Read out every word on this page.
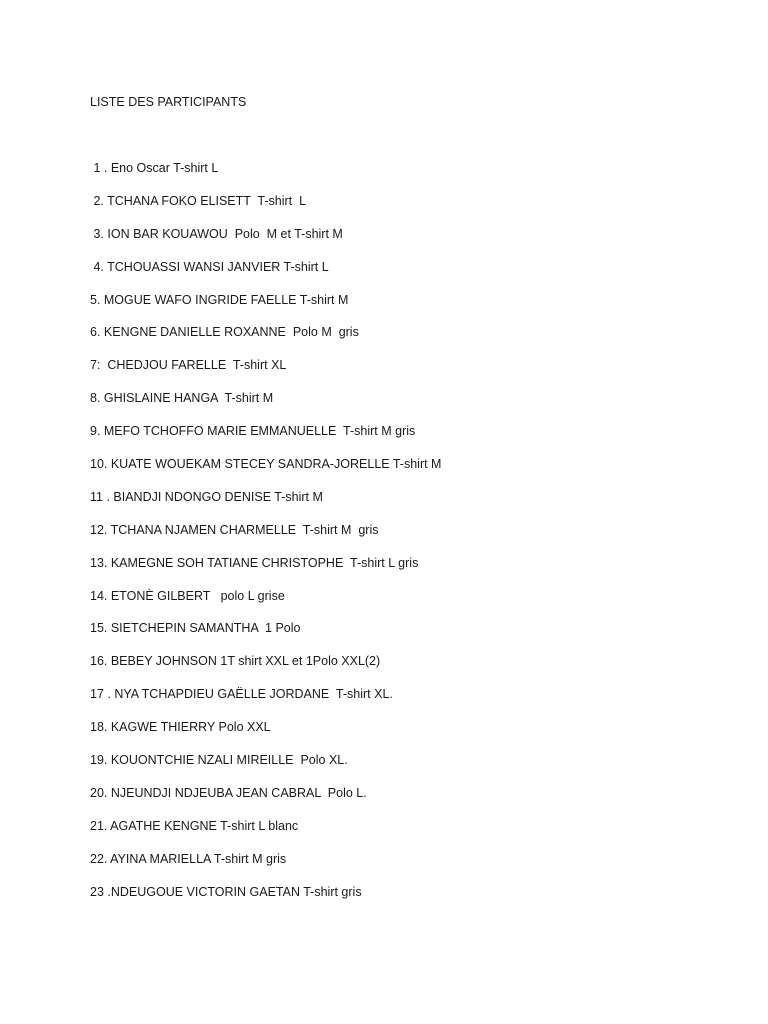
LISTE DES PARTICIPANTS
1 . Eno Oscar T-shirt L
2. TCHANA FOKO ELISETT  T-shirt  L
3. ION BAR KOUAWOU  Polo  M et T-shirt M
4. TCHOUASSI WANSI JANVIER T-shirt L
5. MOGUE WAFO INGRIDE FAELLE T-shirt M
6. KENGNE DANIELLE ROXANNE  Polo M  gris
7:  CHEDJOU FARELLE  T-shirt XL
8. GHISLAINE HANGA  T-shirt M
9. MEFO TCHOFFO MARIE EMMANUELLE  T-shirt M gris
10. KUATE WOUEKAM STECEY SANDRA-JORELLE T-shirt M
11 . BIANDJI NDONGO DENISE T-shirt M
12. TCHANA NJAMEN CHARMELLE  T-shirt M  gris
13. KAMEGNE SOH TATIANE CHRISTOPHE  T-shirt L gris
14. ETONÈ GILBERT   polo L grise
15. SIETCHEPIN SAMANTHA  1 Polo
16. BEBEY JOHNSON 1T shirt XXL et 1Polo XXL(2)
17 . NYA TCHAPDIEU GAËLLE JORDANE  T-shirt XL.
18. KAGWE THIERRY Polo XXL
19. KOUONTCHIE NZALI MIREILLE  Polo XL.
20. NJEUNDJI NDJEUBA JEAN CABRAL  Polo L.
21. AGATHE KENGNE T-shirt L blanc
22. AYINA MARIELLA T-shirt M gris
23 .NDEUGOUE VICTORIN GAETAN T-shirt gris
